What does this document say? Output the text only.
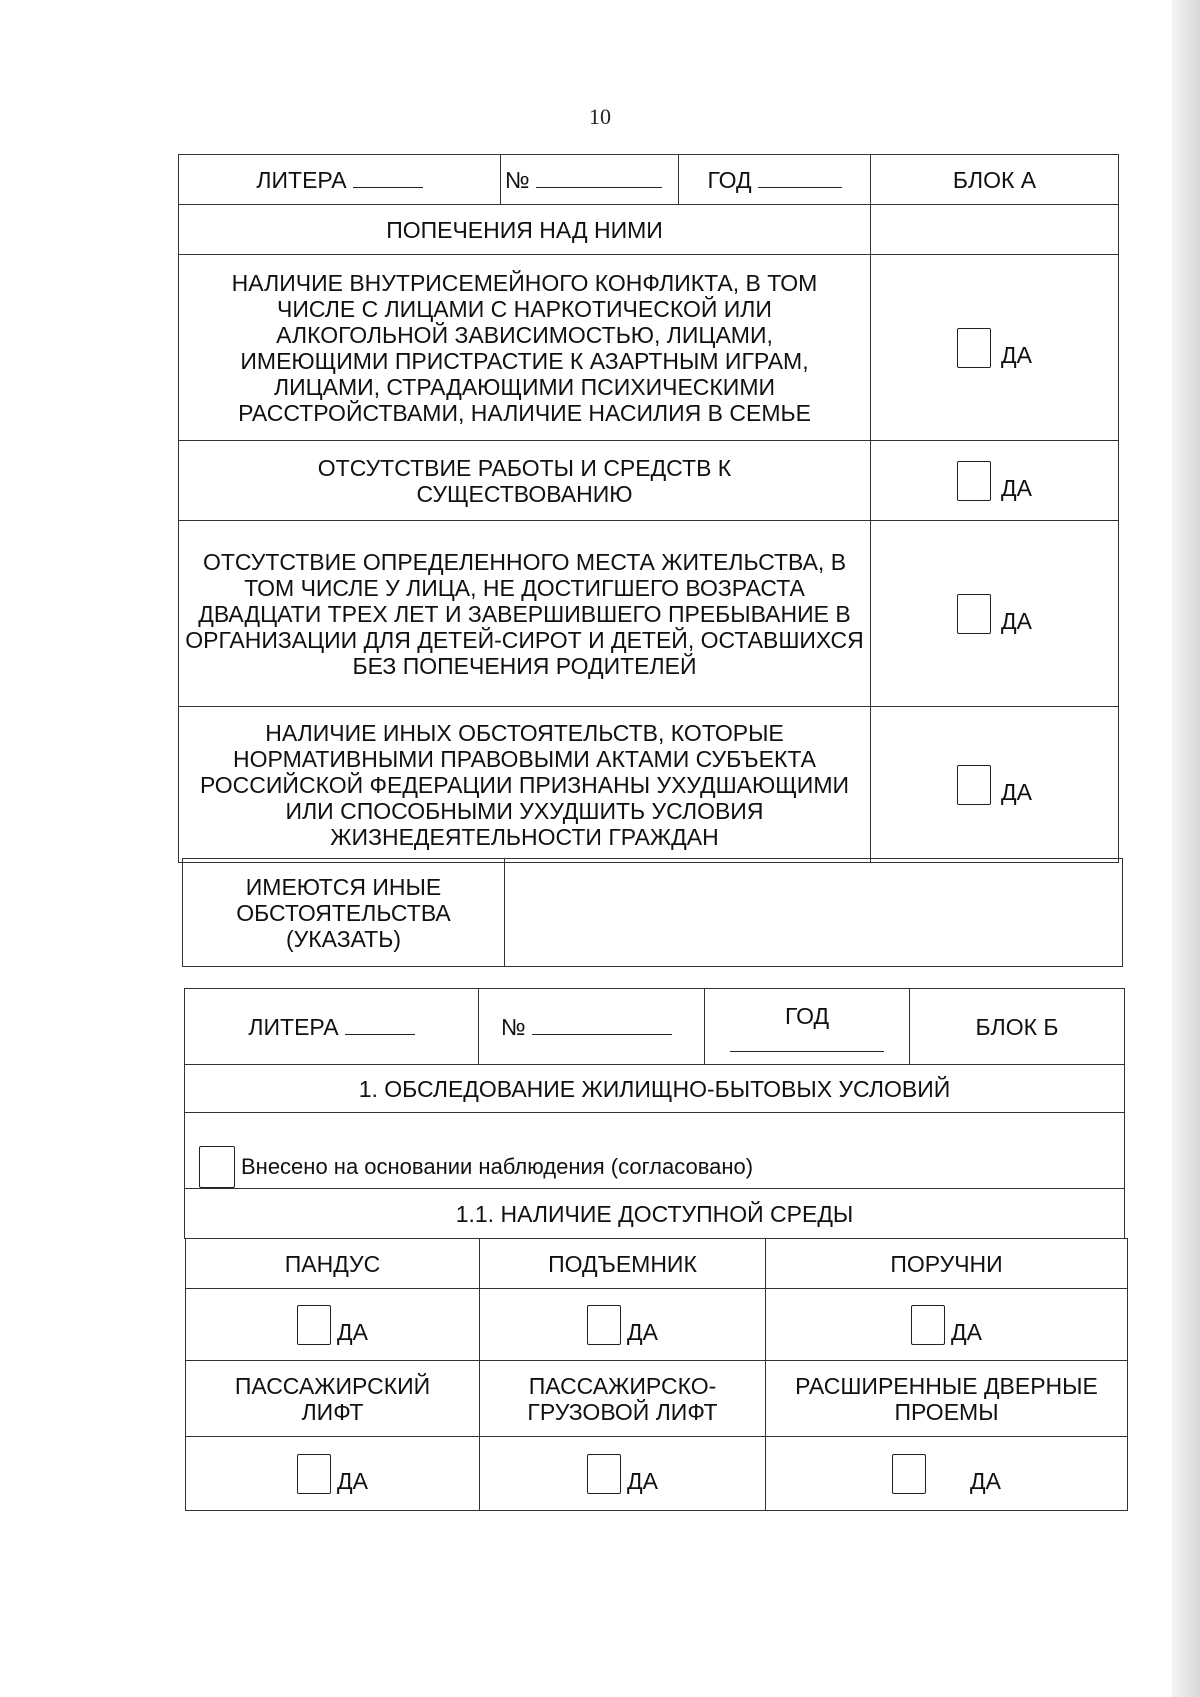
10
ЛИТЕРА	№	ГОД	БЛОК А
ПОПЕЧЕНИЯ НАД НИМИ			
НАЛИЧИЕ ВНУТРИСЕМЕЙНОГО КОНФЛИКТА, В ТОМ ЧИСЛЕ С ЛИЦАМИ С НАРКОТИЧЕСКОЙ ИЛИ АЛКОГОЛЬНОЙ ЗАВИСИМОСТЬЮ, ЛИЦАМИ, ИМЕЮЩИМИ ПРИСТРАСТИЕ К АЗАРТНЫМ ИГРАМ, ЛИЦАМИ, СТРАДАЮЩИМИ ПСИХИЧЕСКИМИ РАССТРОЙСТВАМИ, НАЛИЧИЕ НАСИЛИЯ В СЕМЬЕ			ДА
ОТСУТСТВИЕ РАБОТЫ И СРЕДСТВ К СУЩЕСТВОВАНИЮ			ДА
ОТСУТСТВИЕ ОПРЕДЕЛЕННОГО МЕСТА ЖИТЕЛЬСТВА, В ТОМ ЧИСЛЕ У ЛИЦА, НЕ ДОСТИГШЕГО ВОЗРАСТА ДВАДЦАТИ ТРЕХ ЛЕТ И ЗАВЕРШИВШЕГО ПРЕБЫВАНИЕ В ОРГАНИЗАЦИИ ДЛЯ ДЕТЕЙ-СИРОТ И ДЕТЕЙ, ОСТАВШИХСЯ БЕЗ ПОПЕЧЕНИЯ РОДИТЕЛЕЙ			ДА
НАЛИЧИЕ ИНЫХ ОБСТОЯТЕЛЬСТВ, КОТОРЫЕ НОРМАТИВНЫМИ ПРАВОВЫМИ АКТАМИ СУБЪЕКТА РОССИЙСКОЙ ФЕДЕРАЦИИ ПРИЗНАНЫ УХУДШАЮЩИМИ ИЛИ СПОСОБНЫМИ УХУДШИТЬ УСЛОВИЯ ЖИЗНЕДЕЯТЕЛЬНОСТИ ГРАЖДАН			ДА
ИМЕЮТСЯ ИНЫЕ ОБСТОЯТЕЛЬСТВА (УКАЗАТЬ)	
ЛИТЕРА	№	ГОД	БЛОК Б
1. ОБСЛЕДОВАНИЕ ЖИЛИЩНО-БЫТОВЫХ УСЛОВИЙ
Внесено на основании наблюдения (согласовано)
1.1. НАЛИЧИЕ ДОСТУПНОЙ СРЕДЫ
ПАНДУС	ПОДЪЕМНИК	ПОРУЧНИ
ДА	ДА	ДА
ПАССАЖИРСКИЙ ЛИФТ	ПАССАЖИРСКО-ГРУЗОВОЙ ЛИФТ	РАСШИРЕННЫЕ ДВЕРНЫЕ ПРОЕМЫ
ДА	ДА	ДА
